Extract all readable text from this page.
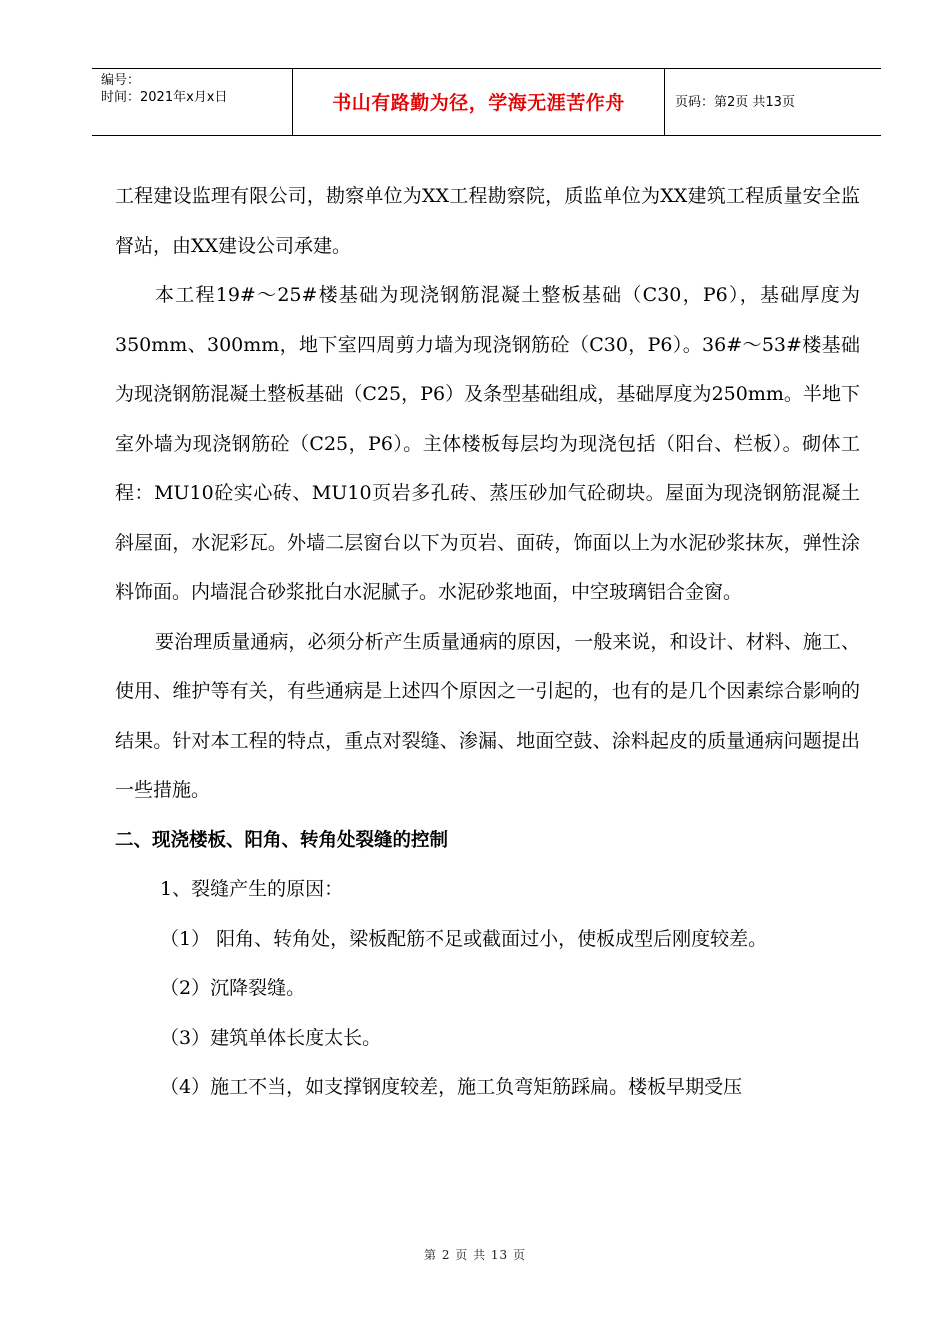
编号：
时间：2021年x月x日	书山有路勤为径，学海无涯苦作舟	页码：第2页 共13页

工程建设监理有限公司，勘察单位为XX工程勘察院，质监单位为XX建筑工程质量安全监督站，由XX建设公司承建。

本工程19#～25#楼基础为现浇钢筋混凝土整板基础（C30，P6），基础厚度为350mm、300mm，地下室四周剪力墙为现浇钢筋砼（C30，P6）。36#～53#楼基础为现浇钢筋混凝土整板基础（C25，P6）及条型基础组成，基础厚度为250mm。半地下室外墙为现浇钢筋砼（C25，P6）。主体楼板每层均为现浇包括（阳台、栏板）。砌体工程：MU10砼实心砖、MU10页岩多孔砖、蒸压砂加气砼砌块。屋面为现浇钢筋混凝土斜屋面，水泥彩瓦。外墙二层窗台以下为页岩、面砖，饰面以上为水泥砂浆抹灰，弹性涂料饰面。内墙混合砂浆批白水泥腻子。水泥砂浆地面，中空玻璃铝合金窗。

要治理质量通病，必须分析产生质量通病的原因，一般来说，和设计、材料、施工、使用、维护等有关，有些通病是上述四个原因之一引起的，也有的是几个因素综合影响的结果。针对本工程的特点，重点对裂缝、渗漏、地面空鼓、涂料起皮的质量通病问题提出一些措施。

二、现浇楼板、阳角、转角处裂缝的控制

1、裂缝产生的原因：

（1） 阳角、转角处，梁板配筋不足或截面过小，使板成型后刚度较差。

（2）沉降裂缝。

（3）建筑单体长度太长。

（4）施工不当，如支撑钢度较差，施工负弯矩筋踩扁。楼板早期受压

第 2 页 共 13 页
